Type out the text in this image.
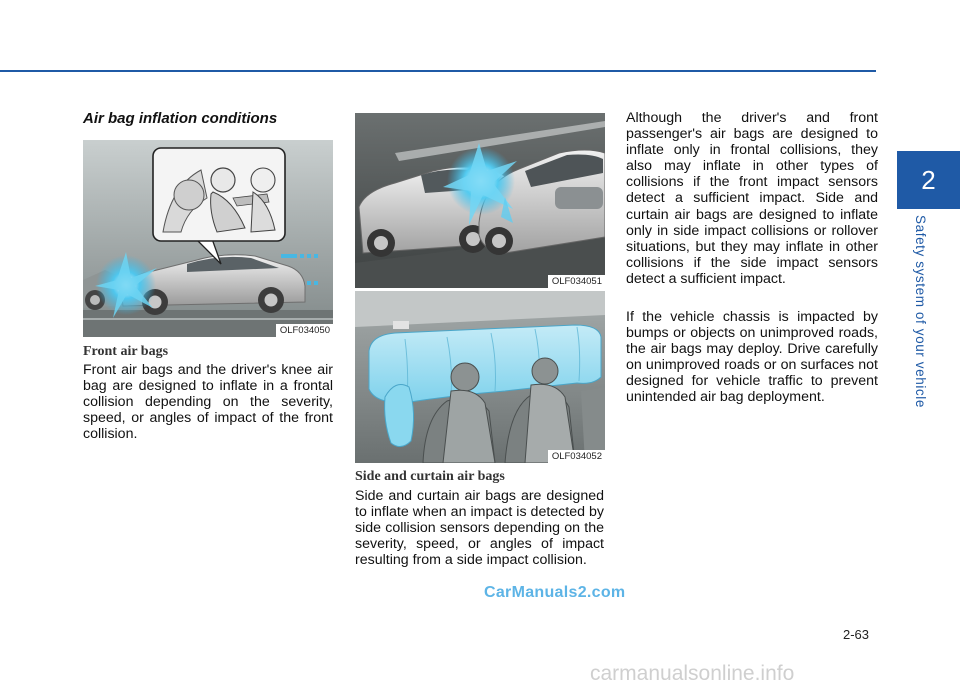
2
Safety system of your vehicle
Air bag inflation conditions
OLF034050
Front air bags

Front air bags and the driver's knee air bag are designed to inflate in a frontal collision depending on the severity, speed, or angles of impact of the front collision.

OLF034051
OLF034052
Side and curtain air bags

Side and curtain air bags are designed to inflate when an impact is detected by side collision sensors depending on the severity, speed, or angles of impact resulting from a side impact collision.

Although the driver's and front passenger's air bags are designed to inflate only in frontal collisions, they also may inflate in other types of collisions if the front impact sensors detect a sufficient impact. Side and curtain air bags are designed to inflate only in side impact collisions or rollover situations, but they may inflate in other collisions if the side impact sensors detect a sufficient impact.

If the vehicle chassis is impacted by bumps or objects on unimproved roads, the air bags may deploy. Drive carefully on unimproved roads or on surfaces not designed for vehicle traffic to prevent unintended air bag deployment.

2-63
CarManuals2.com
carmanualsonline.info
